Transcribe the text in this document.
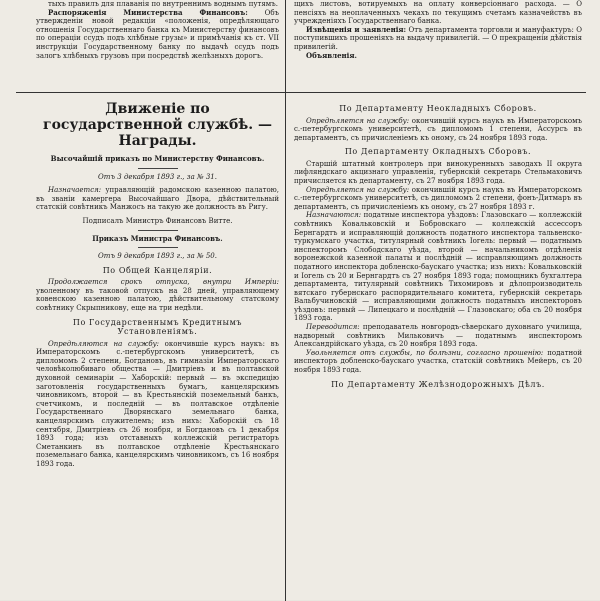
тыхъ правилъ для плаванія по внутреннимъ воднымъ путямъ.

Распоряженія Министерства Финансовъ: Объ утвержденіи новой редакціи «положенія, опредѣляющаго отношенія Государственнаго банка къ Министерству финансовъ по операціи ссудъ подъ хлѣбные грузы» и примѣчанія къ ст. VII инструкціи Государственному банку по выдачѣ ссудъ подъ залогъ хлѣбныхъ грузовъ при посредствѣ желѣзныхъ дорогъ.

щихъ листовъ, вотируемыхъ на оплату конверсіоннаго расхода. — О пенсіяхъ на неоплаченныхъ чекахъ по текущимъ счетамъ казначействъ въ учрежденіяхъ Государственнаго банка.

Извѣщенія и заявленія: Отъ департамента торговли и мануфактуръ: О поступившихъ прошеніяхъ на выдачу привилегій. — О прекращеніи дѣйствія привилегій.

Объявленія.

Движеніе по государственной службѣ. — Награды.

Высочайшій приказъ по Министерству Финансовъ.

Отъ 3 декабря 1893 г., за № 31.

Назначается: управляющій радомскою казенною палатою, въ званіи камергера Высочайшаго Двора, дѣйствительный статскій совѣтникъ Манжосъ на такую же должность въ Ригу.

Подписалъ Министръ Финансовъ Витте.

Приказъ Министра Финансовъ.

Отъ 9 декабря 1893 г., за № 50.

По Общей Канцеляріи.

Продолжается срокъ отпуска, внутри Имперіи: уволенному въ таковой отпускъ на 28 дней, управляющему ковенскою казенною палатою, дѣйствительному статскому совѣтнику Скрыпникову, еще на три недѣли.

По Государственнымъ Кредитнымъ Установленіямъ.

Опредѣляются на службу: окончившіе курсъ наукъ: въ Императорскомъ с.-петербургскомъ университетѣ, съ дипломомъ 2 степени, Богдановъ, въ гимназіи Императорскаго человѣколюбиваго общества — Дмитріевъ и въ полтавской духовной семинаріи — Хаборскій: первый — въ экспедицію заготовленія государственныхъ бумагъ, канцелярскимъ чиновникомъ, второй — въ Крестьянскій поземельный банкъ, счетчикомъ, и последній — въ полтавское отдѣленіе Государственнаго Дворянскаго земельнаго банка, канцелярскимъ служителемъ; изъ нихъ: Хаборскій съ 18 сентября, Дмитріевъ съ 26 ноября, и Богдановъ съ 1 декабря 1893 года; изъ отставныхъ коллежскій регистраторъ Сметанкинъ въ полтавское отдѣленіе Крестьянскаго поземельнаго банка, канцелярскимъ чиновникомъ, съ 16 ноября 1893 года.

По Департаменту Неокладныхъ Сборовъ.

Опредѣляется на службу: окончившій курсъ наукъ въ Императорскомъ с.-петербургскомъ университетѣ, съ дипломомъ 1 степени, Ассурсъ въ департаментъ, съ причисленіемъ къ оному, съ 24 ноября 1893 года.

По Департаменту Окладныхъ Сборовъ.

Старшій штатный контролеръ при винокуренныхъ заводахъ II округа лифляндскаго акцизнаго управленія, губернскій секретарь Стельмаховичъ причисляется къ департаменту, съ 27 ноября 1893 года.

Опредѣляется на службу: окончившій курсъ наукъ въ Императорскомъ с.-петербургскомъ университетѣ, съ дипломомъ 2 степени, фонъ-Дитмаръ въ департаментъ, съ причисленіемъ къ оному, съ 27 ноября 1893 г.

Назначаются: податные инспектора уѣздовъ: Глазовскаго — коллежскій совѣтникъ Ковальковскій и Бобровскаго — коллежскій ассессоръ Бернгардтъ и исправляющій должность податного инспектора тальвенско-туркумскаго участка, титулярный совѣтникъ Іогель: первый — податнымъ инспекторомъ Слободскаго уѣзда, второй — начальникомъ отдѣленія воронежской казенной палаты и послѣдній — исправляющимъ должность податного инспектора добленско-баускаго участка; изъ нихъ: Ковальковскій и Іогель съ 20 и Бернгардтъ съ 27 ноября 1893 года; помощникъ бухгалтера департамента, титулярный совѣтникъ Тихомировъ и дѣлопроизводитель вятскаго губернскаго распорядительнаго комитета, губернскій секретарь Вальбучиновскій — исправляющими должность податныхъ инспекторовъ уѣздовъ: первый — Липецкаго и послѣдній — Глазовскаго; оба съ 20 ноября 1893 года.

Переводится: преподаватель новгородъ-сѣверскаго духовнаго училища, надворный совѣтникъ Мильковичъ — податнымъ инспекторомъ Александрійскаго уѣзда, съ 20 ноября 1893 года.

Увольняется отъ службы, по болѣзни, согласно прошенію: податной инспекторъ добленско-баускаго участка, статскій совѣтникъ Мейеръ, съ 20 ноября 1893 года.

По Департаменту Желѣзнодорожныхъ Дѣлъ.
